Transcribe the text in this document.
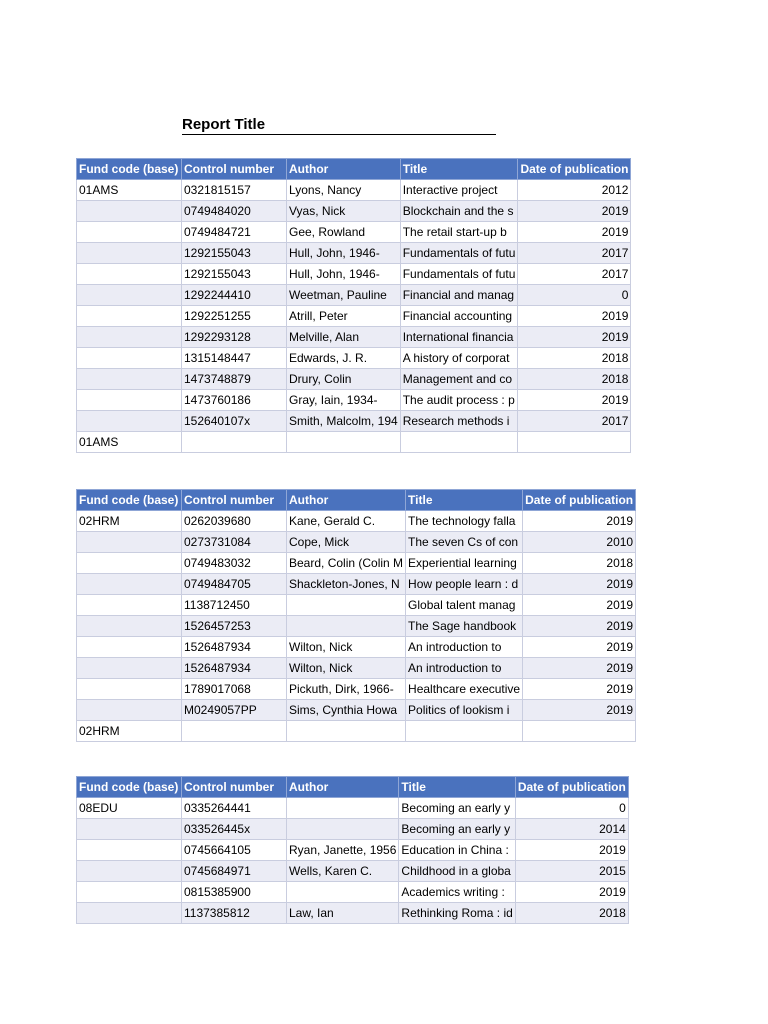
Report Title
Fund code (base)	Control number	Author	Title	Date of publication
01AMS	0321815157	Lyons, Nancy	Interactive project	2012
	0749484020	Vyas, Nick	Blockchain and the s	2019
	0749484721	Gee, Rowland	The retail start-up b	2019
	1292155043	Hull, John, 1946-	Fundamentals of futu	2017
	1292155043	Hull, John, 1946-	Fundamentals of futu	2017
	1292244410	Weetman, Pauline	Financial and manag	0
	1292251255	Atrill, Peter	Financial accounting	2019
	1292293128	Melville, Alan	International financia	2019
	1315148447	Edwards, J. R.	A history of corporat	2018
	1473748879	Drury, Colin	Management and co	2018
	1473760186	Gray, Iain, 1934-	The audit process : p	2019
	152640107x	Smith, Malcolm, 194	Research methods i	2017
01AMS				
Fund code (base)	Control number	Author	Title	Date of publication
02HRM	0262039680	Kane, Gerald C.	The technology falla	2019
	0273731084	Cope, Mick	The seven Cs of con	2010
	0749483032	Beard, Colin (Colin M	Experiential learning	2018
	0749484705	Shackleton-Jones, N	How people learn : d	2019
	1138712450		Global talent manag	2019
	1526457253		The Sage handbook	2019
	1526487934	Wilton, Nick	An introduction to	2019
	1526487934	Wilton, Nick	An introduction to	2019
	1789017068	Pickuth, Dirk, 1966-	Healthcare executive	2019
	M0249057PP	Sims, Cynthia Howa	Politics of lookism i	2019
02HRM				
Fund code (base)	Control number	Author	Title	Date of publication
08EDU	0335264441		Becoming an early y	0
	033526445x		Becoming an early y	2014
	0745664105	Ryan, Janette, 1956	Education in China :	2019
	0745684971	Wells, Karen C.	Childhood in a globa	2015
	0815385900		Academics writing :	2019
	1137385812	Law, Ian	Rethinking Roma : id	2018
